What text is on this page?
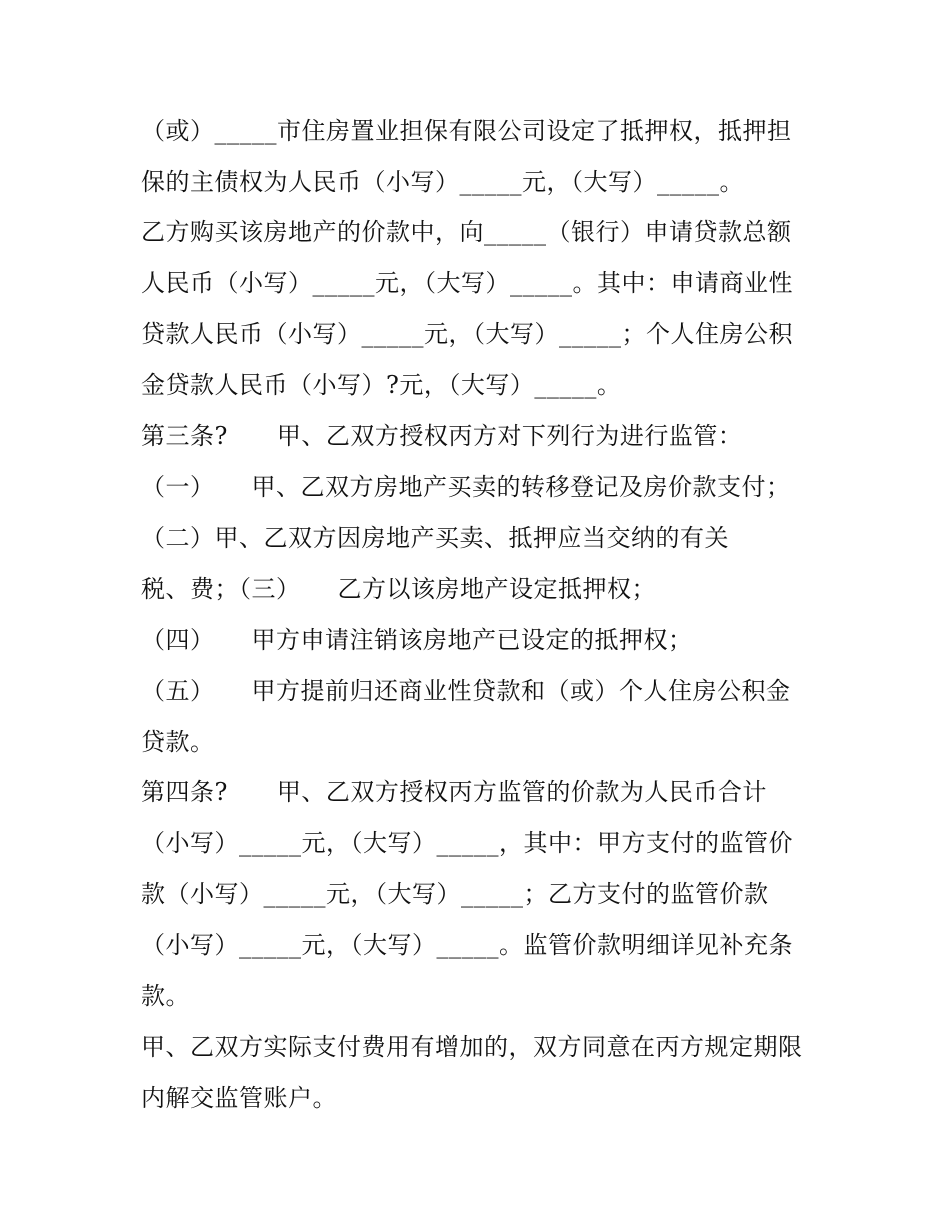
（或）_____市住房置业担保有限公司设定了抵押权，抵押担
保的主债权为人民币（小写）_____元，（大写）_____。
乙方购买该房地产的价款中，向_____（银行）申请贷款总额
人民币（小写）_____元，（大写）_____。其中：申请商业性
贷款人民币（小写）_____元，（大写）_____；个人住房公积
金贷款人民币（小写）?元，（大写）_____。
第三条?　　甲、乙双方授权丙方对下列行为进行监管：
（一）　　甲、乙双方房地产买卖的转移登记及房价款支付；
（二）甲、乙双方因房地产买卖、抵押应当交纳的有关
税、费；（三）　　乙方以该房地产设定抵押权；
（四）　　甲方申请注销该房地产已设定的抵押权；
（五）　　甲方提前归还商业性贷款和（或）个人住房公积金
贷款。
第四条?　　甲、乙双方授权丙方监管的价款为人民币合计
（小写）_____元，（大写）_____，其中：甲方支付的监管价
款（小写）_____元，（大写）_____；乙方支付的监管价款
（小写）_____元，（大写）_____。监管价款明细详见补充条
款。
甲、乙双方实际支付费用有增加的，双方同意在丙方规定期限
内解交监管账户。
